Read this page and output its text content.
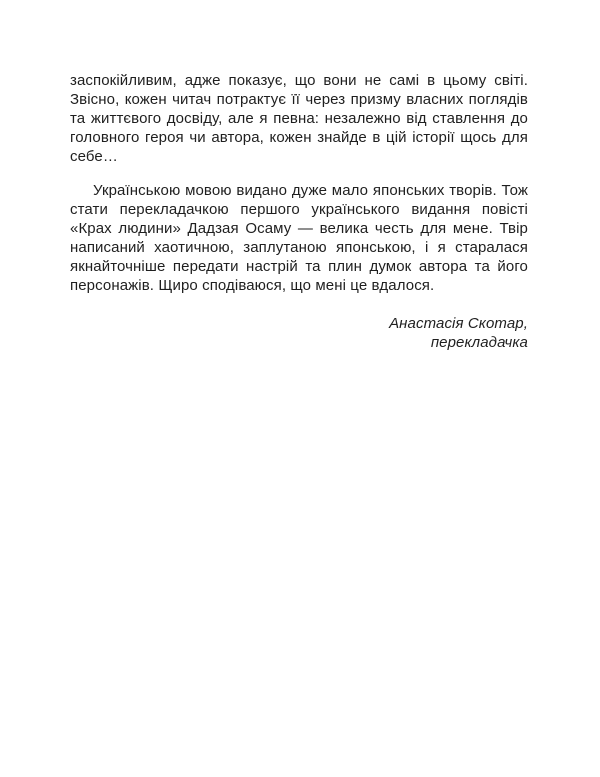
заспокійливим, адже показує, що вони не самі в цьому світі. Звісно, кожен читач потрактує її через призму власних поглядів та життєвого досвіду, але я певна: незалежно від ставлення до головного героя чи автора, кожен знайде в цій історії щось для себе…

Українською мовою видано дуже мало японських творів. Тож стати перекладачкою першого українського видання повісті «Крах людини» Дадзая Осаму — велика честь для мене. Твір написаний хаотичною, заплутаною японською, і я старалася якнайточніше передати настрій та плин думок автора та його персонажів. Щиро сподіваюся, що мені це вдалося.

Анастасія Скотар,
перекладачка
